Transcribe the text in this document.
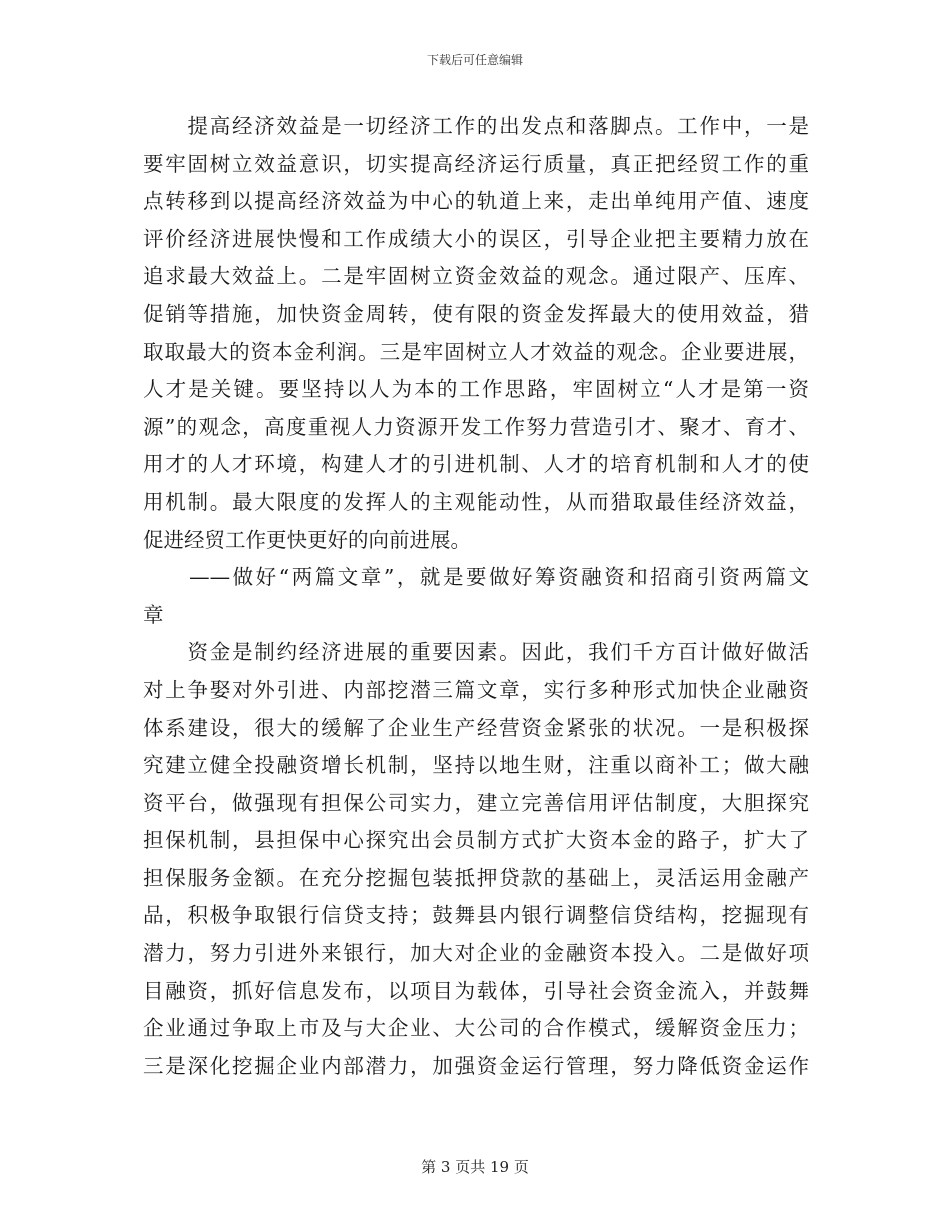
下载后可任意编辑
　　提高经济效益是一切经济工作的出发点和落脚点。工作中，一是
要牢固树立效益意识，切实提高经济运行质量，真正把经贸工作的重
点转移到以提高经济效益为中心的轨道上来，走出单纯用产值、速度
评价经济进展快慢和工作成绩大小的误区，引导企业把主要精力放在
追求最大效益上。二是牢固树立资金效益的观念。通过限产、压库、
促销等措施，加快资金周转，使有限的资金发挥最大的使用效益，猎
取取最大的资本金利润。三是牢固树立人才效益的观念。企业要进展，
人才是关键。要坚持以人为本的工作思路，牢固树立“人才是第一资
源”的观念，高度重视人力资源开发工作努力营造引才、聚才、育才、
用才的人才环境，构建人才的引进机制、人才的培育机制和人才的使
用机制。最大限度的发挥人的主观能动性，从而猎取最佳经济效益，
促进经贸工作更快更好的向前进展。
　　——做好“两篇文章”，就是要做好筹资融资和招商引资两篇文
章
　　资金是制约经济进展的重要因素。因此，我们千方百计做好做活
对上争娶对外引进、内部挖潜三篇文章，实行多种形式加快企业融资
体系建设，很大的缓解了企业生产经营资金紧张的状况。一是积极探
究建立健全投融资增长机制，坚持以地生财，注重以商补工；做大融
资平台，做强现有担保公司实力，建立完善信用评估制度，大胆探究
担保机制，县担保中心探究出会员制方式扩大资本金的路子，扩大了
担保服务金额。在充分挖掘包装抵押贷款的基础上，灵活运用金融产
品，积极争取银行信贷支持；鼓舞县内银行调整信贷结构，挖掘现有
潜力，努力引进外来银行，加大对企业的金融资本投入。二是做好项
目融资，抓好信息发布，以项目为载体，引导社会资金流入，并鼓舞
企业通过争取上市及与大企业、大公司的合作模式，缓解资金压力；
三是深化挖掘企业内部潜力，加强资金运行管理，努力降低资金运作
第 3 页共 19 页
